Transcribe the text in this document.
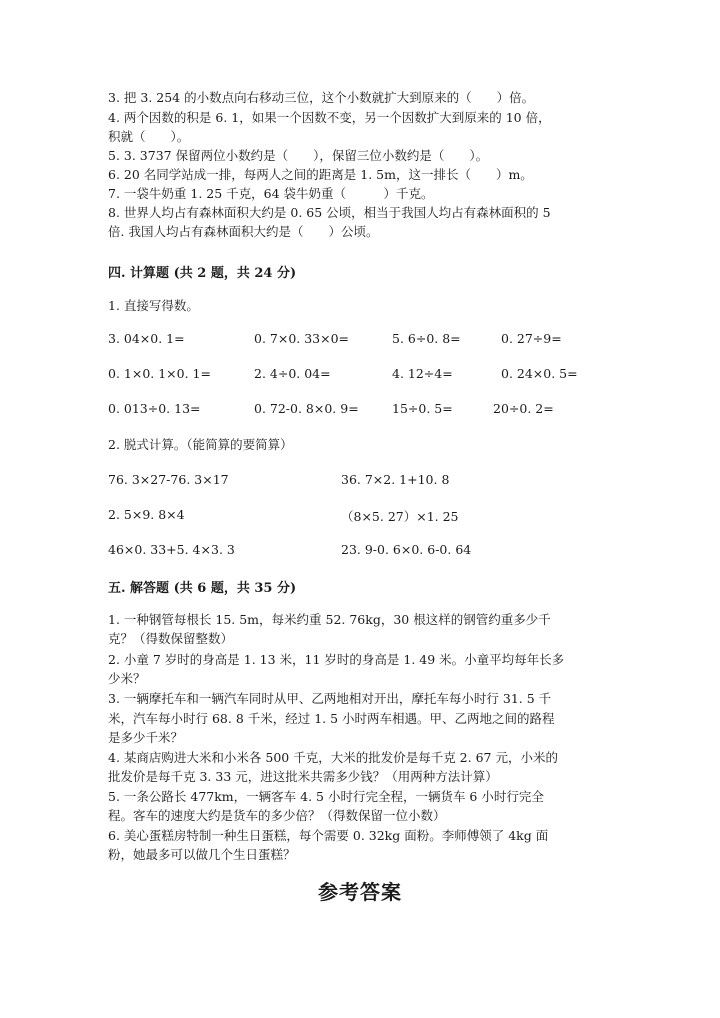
3. 把 3. 254 的小数点向右移动三位，这个小数就扩大到原来的（　　）倍。
4. 两个因数的积是 6. 1，如果一个因数不变，另一个因数扩大到原来的 10 倍，
积就（　　）。
5. 3. 3737 保留两位小数约是（　　），保留三位小数约是（　　）。
6. 20 名同学站成一排，每两人之间的距离是 1. 5m，这一排长（　　）m。
7. 一袋牛奶重 1. 25 千克，64 袋牛奶重（　　　）千克。
8. 世界人均占有森林面积大约是 0. 65 公顷，相当于我国人均占有森林面积的 5
倍. 我国人均占有森林面积大约是（　　）公顷。
四. 计算题 (共 2 题，共 24 分)
1. 直接写得数。
3. 04×0. 1=	0. 7×0. 33×0=	5. 6÷0. 8=	0. 27÷9=
0. 1×0. 1×0. 1=	2. 4÷0. 04=	4. 12÷4=	0. 24×0. 5=
0. 013÷0. 13=	0. 72-0. 8×0. 9=	15÷0. 5=	20÷0. 2=
2. 脱式计算。（能简算的要简算）
76. 3×27-76. 3×17	36. 7×2. 1+10. 8
2. 5×9. 8×4	（8×5. 27）×1. 25
46×0. 33+5. 4×3. 3	23. 9-0. 6×0. 6-0. 64
五. 解答题 (共 6 题，共 35 分)
1. 一种钢管每根长 15. 5m，每米约重 52. 76kg，30 根这样的钢管约重多少千
克？（得数保留整数）
2. 小童 7 岁时的身高是 1. 13 米，11 岁时的身高是 1. 49 米。小童平均每年长多
少米？
3. 一辆摩托车和一辆汽车同时从甲、乙两地相对开出，摩托车每小时行 31. 5 千
米，汽车每小时行 68. 8 千米，经过 1. 5 小时两车相遇。甲、乙两地之间的路程
是多少千米？
4. 某商店购进大米和小米各 500 千克，大米的批发价是每千克 2. 67 元，小米的
批发价是每千克 3. 33 元，进这批米共需多少钱？（用两种方法计算）
5. 一条公路长 477km，一辆客车 4. 5 小时行完全程，一辆货车 6 小时行完全
程。客车的速度大约是货车的多少倍？（得数保留一位小数）
6. 美心蛋糕房特制一种生日蛋糕，每个需要 0. 32kg 面粉。李师傅领了 4kg 面
粉，她最多可以做几个生日蛋糕？
参考答案
